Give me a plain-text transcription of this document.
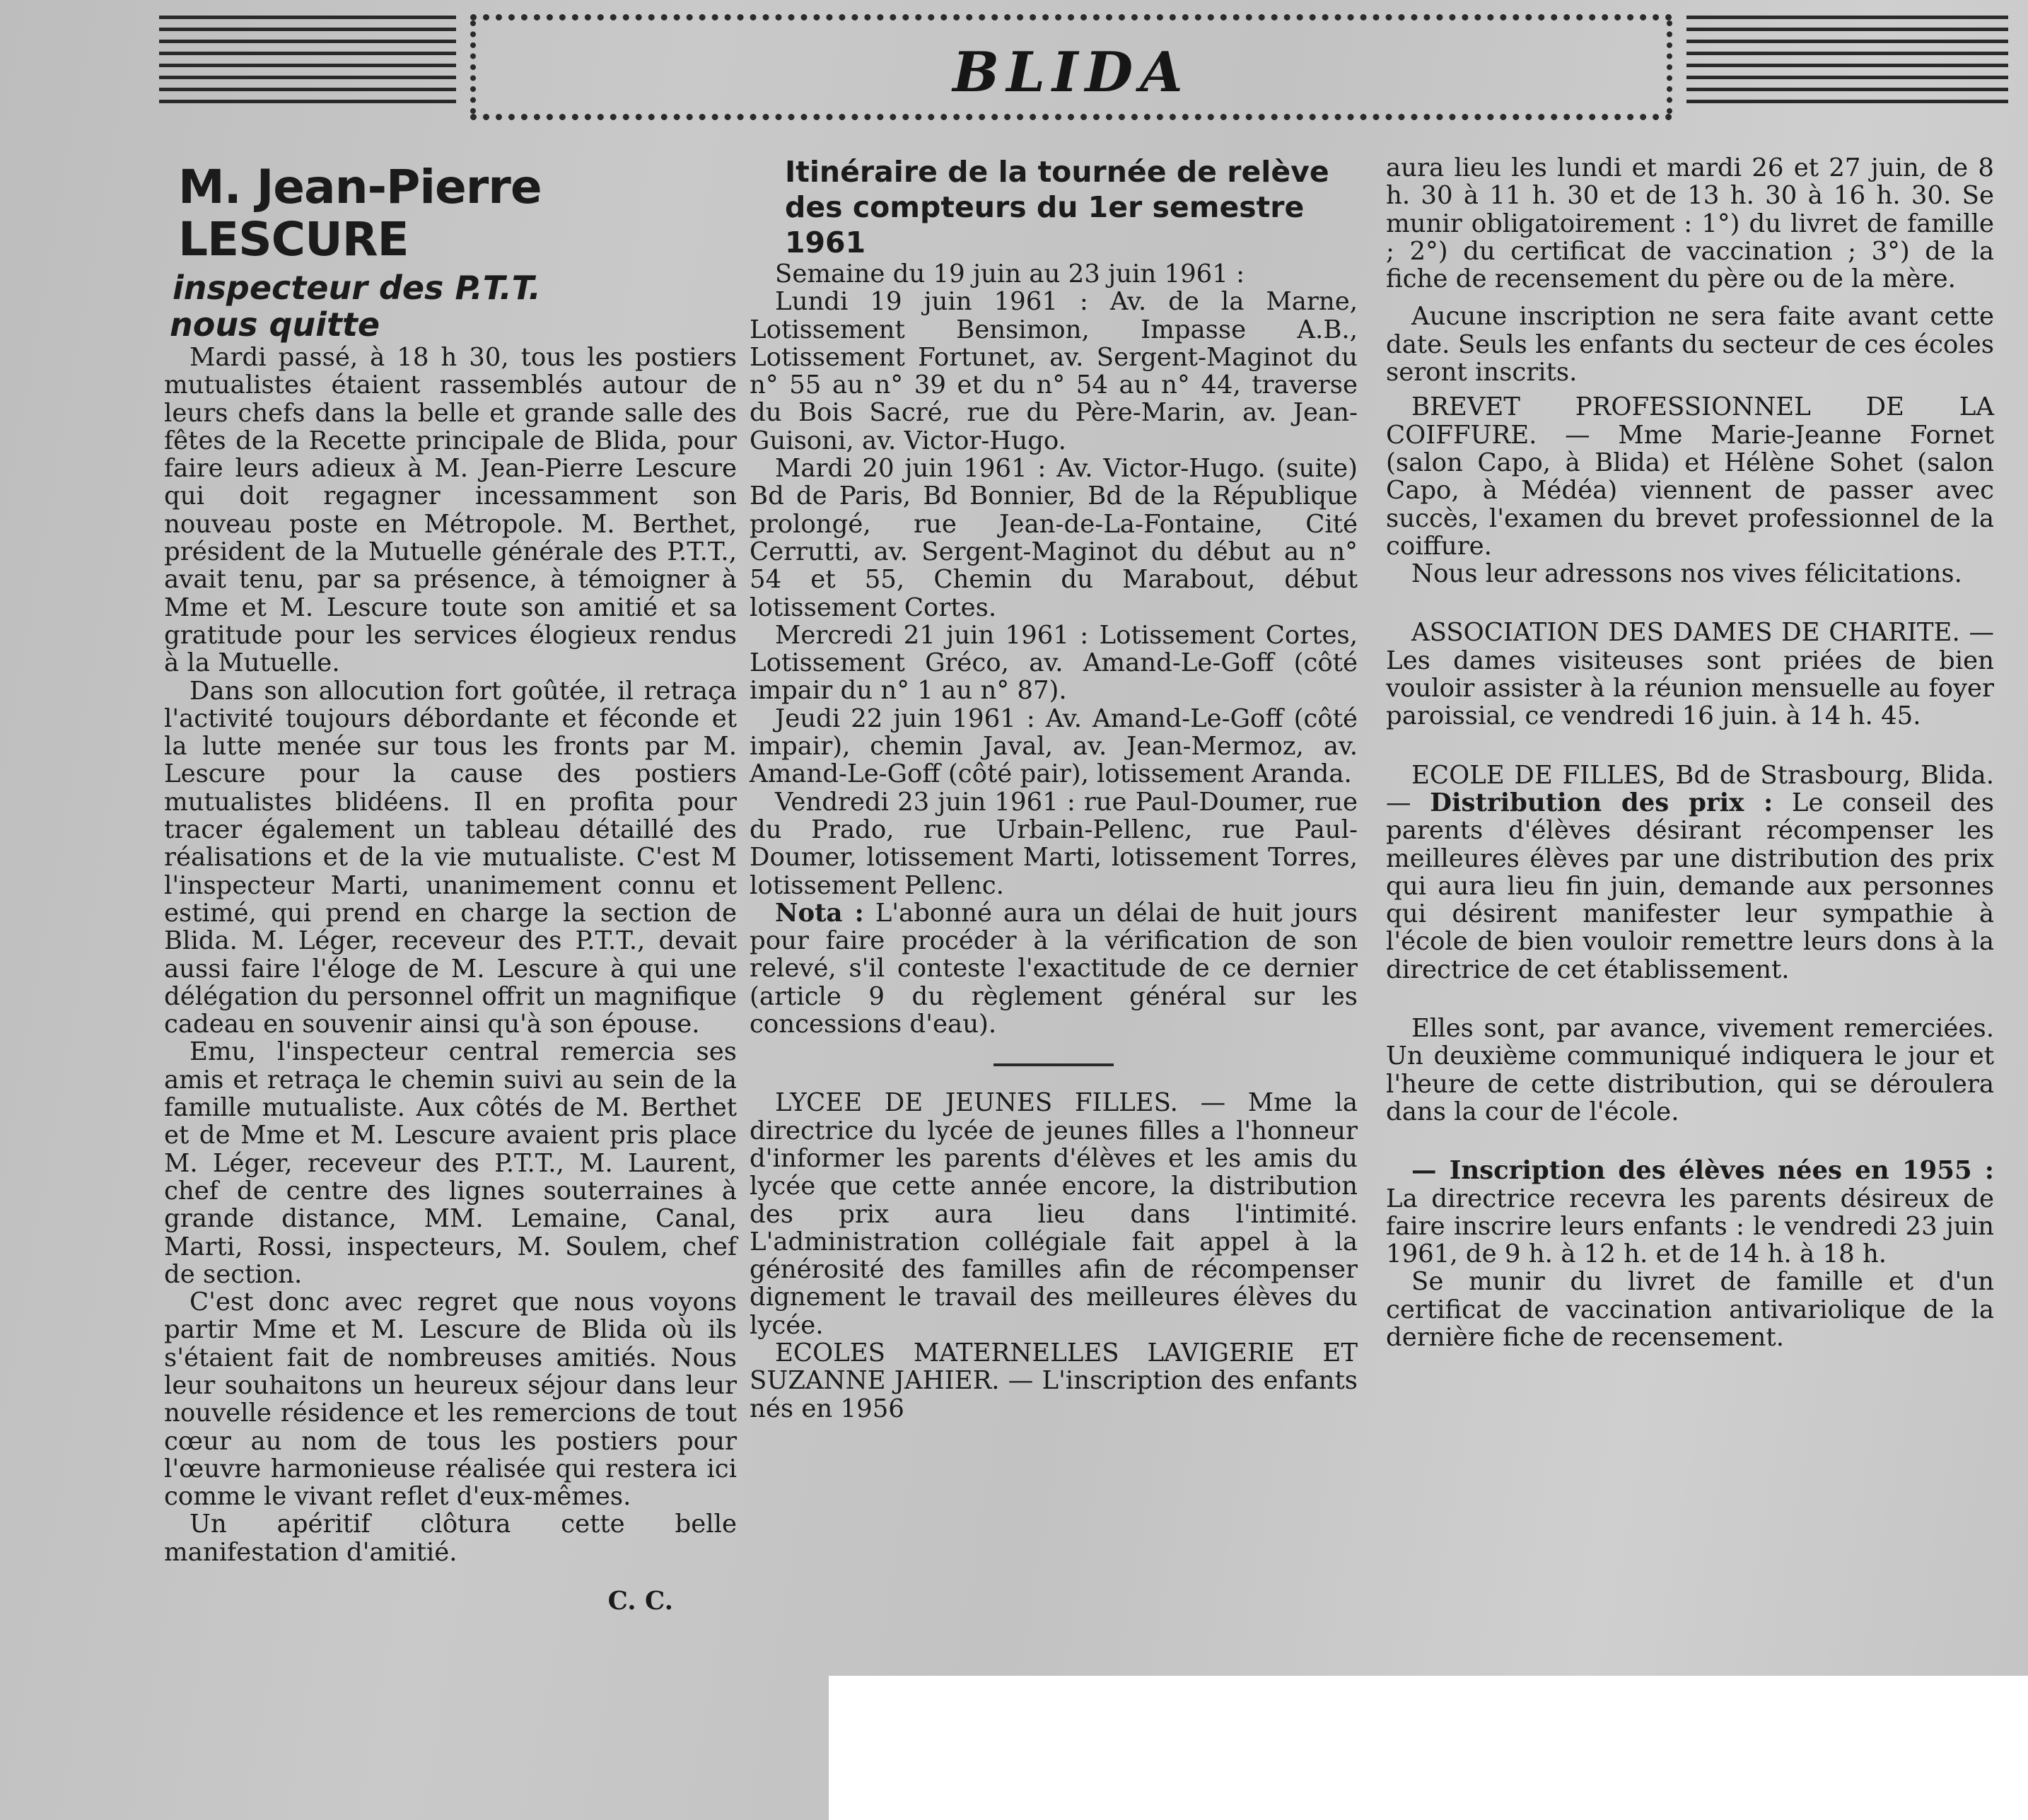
BLIDA
M. Jean-Pierre LESCURE
inspecteur des P.T.T.
nous quitte

Mardi passé, à 18 h 30, tous les postiers mutualistes étaient rassemblés autour de leurs chefs dans la belle et grande salle des fêtes de la Recette principale de Blida, pour faire leurs adieux à M. Jean-Pierre Lescure qui doit regagner incessamment son nouveau poste en Métropole. M. Berthet, président de la Mutuelle générale des P.T.T., avait tenu, par sa présence, à témoigner à Mme et M. Lescure toute son amitié et sa gratitude pour les services élogieux rendus à la Mutuelle.

Dans son allocution fort goûtée, il retraça l'activité toujours débordante et féconde et la lutte menée sur tous les fronts par M. Lescure pour la cause des postiers mutualistes blidéens. Il en profita pour tracer également un tableau détaillé des réalisations et de la vie mutualiste. C'est M l'inspecteur Marti, unanimement connu et estimé, qui prend en charge la section de Blida. M. Léger, receveur des P.T.T., devait aussi faire l'éloge de M. Lescure à qui une délégation du personnel offrit un magnifique cadeau en souvenir ainsi qu'à son épouse.

Emu, l'inspecteur central remercia ses amis et retraça le chemin suivi au sein de la famille mutualiste. Aux côtés de M. Berthet et de Mme et M. Lescure avaient pris place M. Léger, receveur des P.T.T., M. Laurent, chef de centre des lignes souterraines à grande distance, MM. Lemaine, Canal, Marti, Rossi, inspecteurs, M. Soulem, chef de section.

C'est donc avec regret que nous voyons partir Mme et M. Lescure de Blida où ils s'étaient fait de nombreuses amitiés. Nous leur souhaitons un heureux séjour dans leur nouvelle résidence et les remercions de tout cœur au nom de tous les postiers pour l'œuvre harmonieuse réalisée qui restera ici comme le vivant reflet d'eux-mêmes.

Un apéritif clôtura cette belle manifestation d'amitié.

C. C.

Itinéraire de la tournée de relève
des compteurs du 1er semestre 1961

Semaine du 19 juin au 23 juin 1961 :

Lundi 19 juin 1961 : Av. de la Marne, Lotissement Bensimon, Impasse A.B., Lotissement Fortunet, av. Sergent-Maginot du n° 55 au n° 39 et du n° 54 au n° 44, traverse du Bois Sacré, rue du Père-Marin, av. Jean-Guisoni, av. Victor-Hugo.

Mardi 20 juin 1961 : Av. Victor-Hugo. (suite) Bd de Paris, Bd Bonnier, Bd de la République prolongé, rue Jean-de-La-Fontaine, Cité Cerrutti, av. Sergent-Maginot du début au n° 54 et 55, Chemin du Marabout, début lotissement Cortes.

Mercredi 21 juin 1961 : Lotissement Cortes, Lotissement Gréco, av. Amand-Le-Goff (côté impair du n° 1 au n° 87).

Jeudi 22 juin 1961 : Av. Amand-Le-Goff (côté impair), chemin Javal, av. Jean-Mermoz, av. Amand-Le-Goff (côté pair), lotissement Aranda.

Vendredi 23 juin 1961 : rue Paul-Doumer, rue du Prado, rue Urbain-Pellenc, rue Paul-Doumer, lotissement Marti, lotissement Torres, lotissement Pellenc.

Nota : L'abonné aura un délai de huit jours pour faire procéder à la vérification de son relevé, s'il conteste l'exactitude de ce dernier (article 9 du règlement général sur les concessions d'eau).

LYCEE DE JEUNES FILLES. — Mme la directrice du lycée de jeunes filles a l'honneur d'informer les parents d'élèves et les amis du lycée que cette année encore, la distribution des prix aura lieu dans l'intimité. L'administration collégiale fait appel à la générosité des familles afin de récompenser dignement le travail des meilleures élèves du lycée.

ECOLES MATERNELLES LAVIGERIE ET SUZANNE JAHIER. — L'inscription des enfants nés en 1956

aura lieu les lundi et mardi 26 et 27 juin, de 8 h. 30 à 11 h. 30 et de 13 h. 30 à 16 h. 30. Se munir obligatoirement : 1°) du livret de famille ; 2°) du certificat de vaccination ; 3°) de la fiche de recensement du père ou de la mère.

Aucune inscription ne sera faite avant cette date. Seuls les enfants du secteur de ces écoles seront inscrits.

BREVET PROFESSIONNEL DE LA COIFFURE. — Mme Marie-Jeanne Fornet (salon Capo, à Blida) et Hélène Sohet (salon Capo, à Médéa) viennent de passer avec succès, l'examen du brevet professionnel de la coiffure.

Nous leur adressons nos vives félicitations.

ASSOCIATION DES DAMES DE CHARITE. — Les dames visiteuses sont priées de bien vouloir assister à la réunion mensuelle au foyer paroissial, ce vendredi 16 juin. à 14 h. 45.

ECOLE DE FILLES, Bd de Strasbourg, Blida. — Distribution des prix : Le conseil des parents d'élèves désirant récompenser les meilleures élèves par une distribution des prix qui aura lieu fin juin, demande aux personnes qui désirent manifester leur sympathie à l'école de bien vouloir remettre leurs dons à la directrice de cet établissement.

Elles sont, par avance, vivement remerciées. Un deuxième communiqué indiquera le jour et l'heure de cette distribution, qui se déroulera dans la cour de l'école.

— Inscription des élèves nées en 1955 : La directrice recevra les parents désireux de faire inscrire leurs enfants : le vendredi 23 juin 1961, de 9 h. à 12 h. et de 14 h. à 18 h.

Se munir du livret de famille et d'un certificat de vaccination antivariolique de la dernière fiche de recensement.
